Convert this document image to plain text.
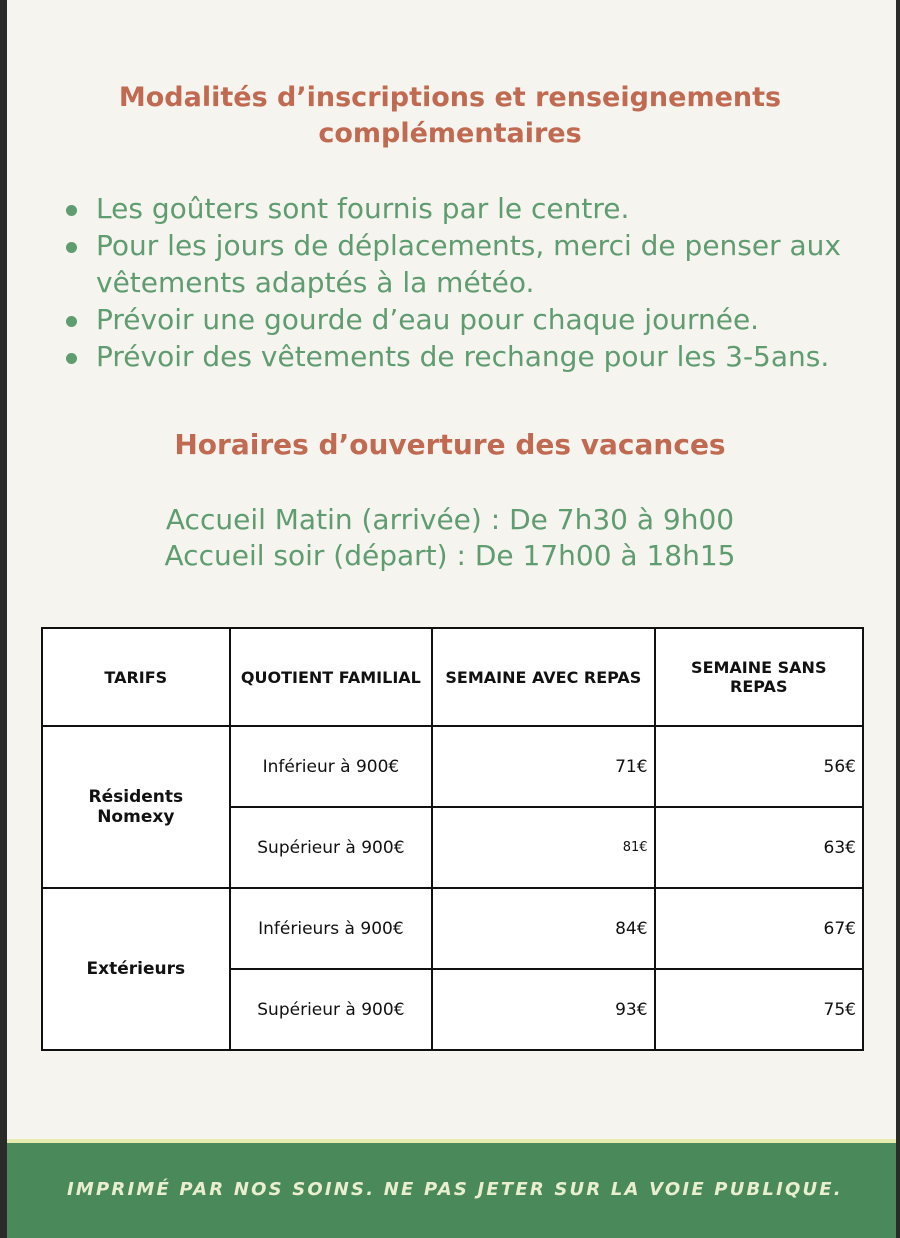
Modalités d’inscriptions et renseignements
complémentaires
Les goûters sont fournis par le centre.
Pour les jours de déplacements, merci de penser aux vêtements adaptés à la météo.
Prévoir une gourde d’eau pour chaque journée.
Prévoir des vêtements de rechange pour les 3-5ans.
Horaires d’ouverture des vacances
Accueil Matin (arrivée) : De 7h30 à 9h00
Accueil soir (départ) : De 17h00 à 18h15
TARIFS	QUOTIENT FAMILIAL	SEMAINE AVEC REPAS	SEMAINE SANS REPAS
Résidents Nomexy	Inférieur à 900€	71€	56€
	Supérieur à 900€	81€	63€
Extérieurs	Inférieurs à 900€	84€	67€
	Supérieur à 900€	93€	75€
IMPRIMÉ PAR NOS SOINS. NE PAS JETER SUR LA VOIE PUBLIQUE.
